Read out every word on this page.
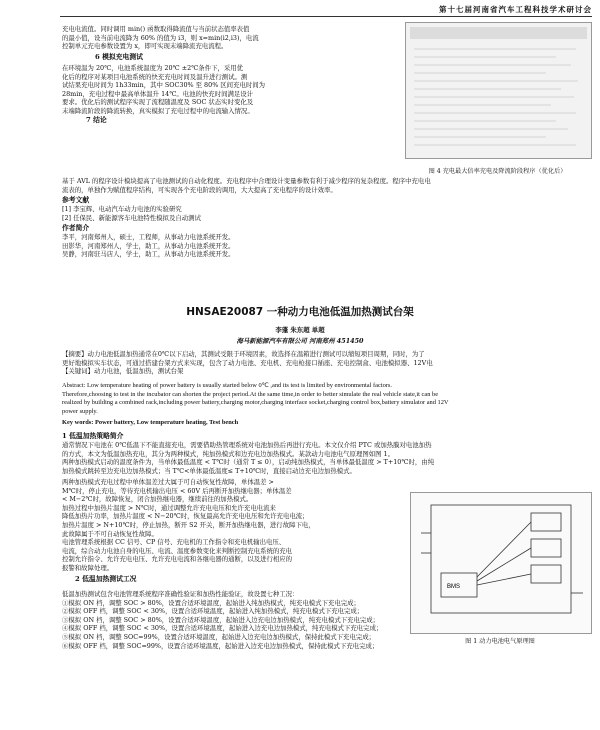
第十七届河南省汽车工程科技学术研讨会
充电电流值。同时调用 min() 函数取得降流值与当前状态值率表值
的最小值，设当前电流降为 60% 的值为 i3，则 x=min(i2,i3)，电流
控制单元充电参数设置为 x，即可实现末端降流充电流程。
6 模拟充电测试
在环境温为 20℃，电池系统温度为 20℃ ±2℃条件下，采用优
化后的程序对某项目电池系统的快充充电时间及温升进行测试。测
试结果充电时间为 1h33min，其中 SOC30% 至 80% 区间充电时间为
28min，充电过程中最高单体温升 14℃。电池的快充时间满足设计
要求。优化后的测试程序实现了流程随温度及 SOC 状态实时变化及
末端降流阶段的降流转换，真实模拟了充电过程中的电流输入情况。
图 4 充电最大倍率充电及降流阶段程序（优化后）
7 结论
基于 AVL 的程序设计模块提高了电池测试的自动化程度。充电程序中合理设计变量参数有利于减少程序的复杂程度。程序中充电电
流表的，单独作为赋值程序结构，可实现各个充电阶段的调用，大大提高了充电程序的设计效率。
参考文献
[1] 李宝辉、电动汽车动力电池的实验研究
[2] 任保民、新能源客车电池特性模拟及自动测试
作者简介
李平，河南郑州人，硕士，工程师，从事动力电池系统开发。
田影华，河南郑州人，学士，助工，从事动力电池系统开发。
吴静，河南驻马店人，学士，助工，从事动力电池系统开发。
HNSAE20087 一种动力电池低温加热测试台架
李蓬 朱东超 单超
海马新能源汽车有限公司 河南郑州 451450
【摘要】动力电池低温加热通常在0℃以下启动，其测试受限于环境因素，故选择在温箱进行测试可以缩短项目周期，同时，为了
更好地模拟实车状态，可通过搭建台架方式来实现，包含了动力电池、充电机、充电枪接口插座、充电控制盒、电池模拟器、12V电
【关键词】动力电池，低温加热，测试台架
Abstract: Low temperature heating of power battery is usually started below 0℃ ,and its test is limited by environmental factors.
Therefore,choosing to test in the incubator can shorten the project period.At the same time,in order to better simulate the real vehicle state,it can be
realized by building a combined rack,including power battery,charging motor,charging interface socket,charging control box,battery simulator and 12V
power supply.
Key words: Power battery, Low temperature heating, Test bench
1 低温加热策略简介
通常情况下电池在 0℃低温下不能直接充电，需要借助热管理系统对电池加热后再进行充电。本文仅介绍 PTC 或加热膜对电池加热
的方式，本文为低温加热充电，其分为两种模式，纯加热模式和边充电边加热模式。某款动力电池电气原理图如图 1。
两种加热模式启动的温度条件为，当单体最低温度 < T℃时（通常 T ≤ 0），启动纯加热模式，当单体最低温度 > T+10℃时，由纯
加热模式跳转至边充电边加热模式；当 T℃<单体最低温度≤ T+10℃时，直接启动边充电边加热模式。
两种加热模式充电过程中单体温差过大属于可自动恢复性故障，单体温差 >
M℃时，停止充电，等待充电机输出电压 < 60V 后再断开加热继电器；单体温差
< M−2℃时，故障恢复，闭合加热继电器，继续前往的加热模式。
加热过程中加热片温度 > N℃时，通过调整允许充电电压和允许充电电流来
降低加热片功率，加热片温度 < N−20℃时，恢复最高允许充电电压和允许充电电流；
加热片温度 > N+10℃时，停止加热，断开 S2 开关，断开加热继电器，进行故障下电，
此故障属于不可自动恢复性故障。
电池管理系统根据 CC 信号、CP 信号、充电机的工作指令和充电机输出电压、
电流，综合动力电池自身的电压、电流、温度参数变化来判断控制充电系统的充电
控制允许指令、允许充电电压、允许充电电流和各继电器的通断，以及进行相应的
报警和故障处理。
BMS
图 1 动力电池电气原理图
2 低温加热测试工况
低温加热测试包含电池管理系统程序准确性验证和加热性能验证，故设置七种工况：
①模拟 ON 档，调整 SOC > 80%，设置合适环境温度，起始进入纯加热模式，纯充电模式下充电完成；
②模拟 OFF 档，调整 SOC < 30%，设置合适环境温度，起始进入纯加热模式，纯充电模式下充电完成；
③模拟 ON 档，调整 SOC > 80%，设置合适环境温度，起始进入边充电边加热模式，纯充电模式下充电完成；
④模拟 OFF 档，调整 SOC < 30%，设置合适环境温度，起始进入边充电边加热模式，纯充电模式下充电完成；
⑤模拟 ON 档，调整 SOC=99%，设置合适环境温度，起始进入边充电边加热模式，保持此模式下充电完成；
⑥模拟 OFF 档，调整 SOC=99%，设置合适环境温度，起始进入边充电边加热模式，保持此模式下充电完成；
